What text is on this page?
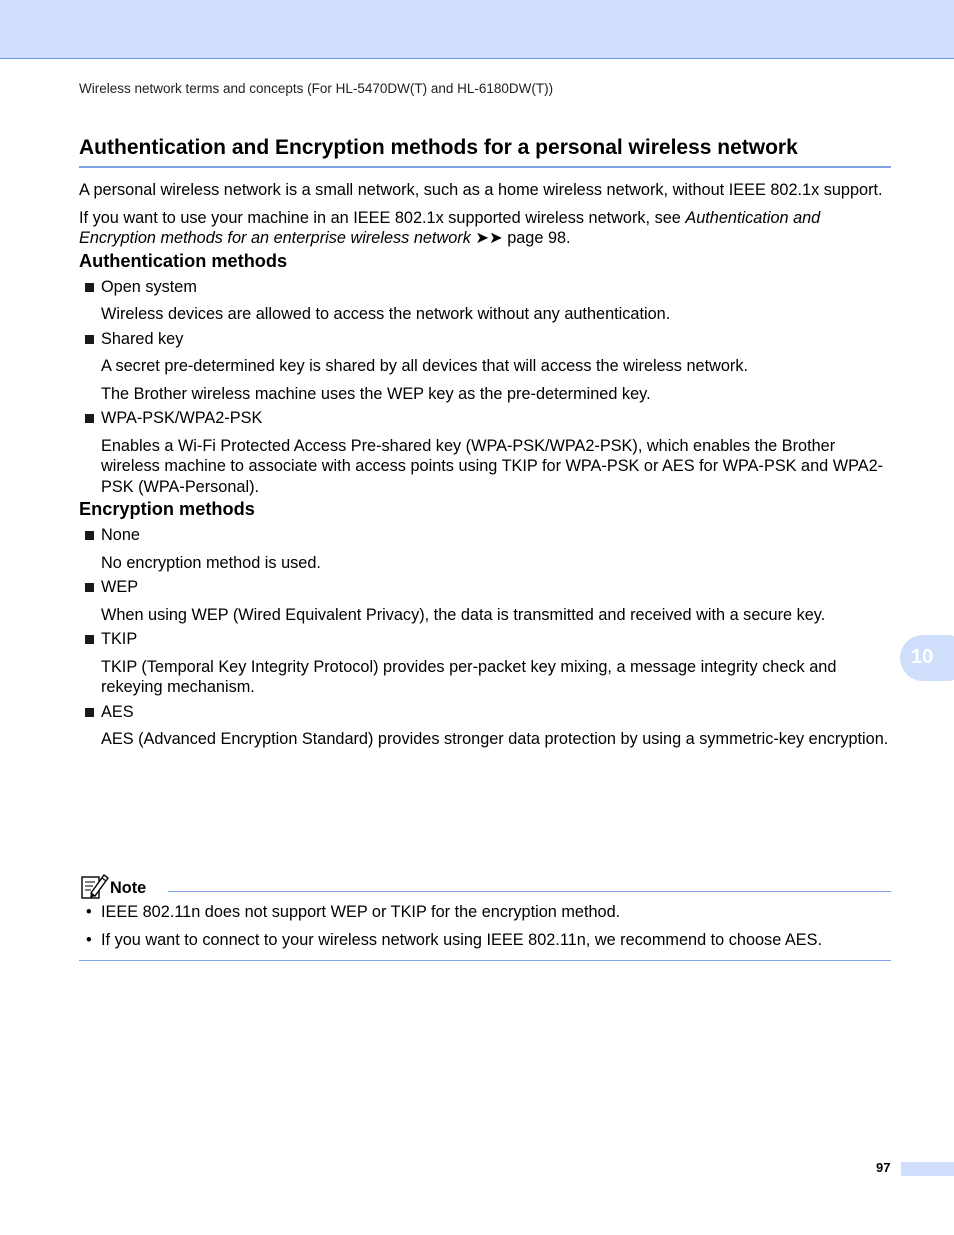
Wireless network terms and concepts (For HL-5470DW(T) and HL-6180DW(T))
Authentication and Encryption methods for a personal wireless network

A personal wireless network is a small network, such as a home wireless network, without IEEE 802.1x support.

If you want to use your machine in an IEEE 802.1x supported wireless network, see Authentication and Encryption methods for an enterprise wireless network ➤➤ page 98.

Authentication methods
Open system

Wireless devices are allowed to access the network without any authentication.

Shared key

A secret pre-determined key is shared by all devices that will access the wireless network.

The Brother wireless machine uses the WEP key as the pre-determined key.

WPA-PSK/WPA2-PSK

Enables a Wi-Fi Protected Access Pre-shared key (WPA-PSK/WPA2-PSK), which enables the Brother wireless machine to associate with access points using TKIP for WPA-PSK or AES for WPA-PSK and WPA2-PSK (WPA-Personal).

Encryption methods
None

No encryption method is used.

WEP

When using WEP (Wired Equivalent Privacy), the data is transmitted and received with a secure key.

TKIP

TKIP (Temporal Key Integrity Protocol) provides per-packet key mixing, a message integrity check and rekeying mechanism.

AES

AES (Advanced Encryption Standard) provides stronger data protection by using a symmetric-key encryption.

10
Note
• IEEE 802.11n does not support WEP or TKIP for the encryption method.
• If you want to connect to your wireless network using IEEE 802.11n, we recommend to choose AES.
97
